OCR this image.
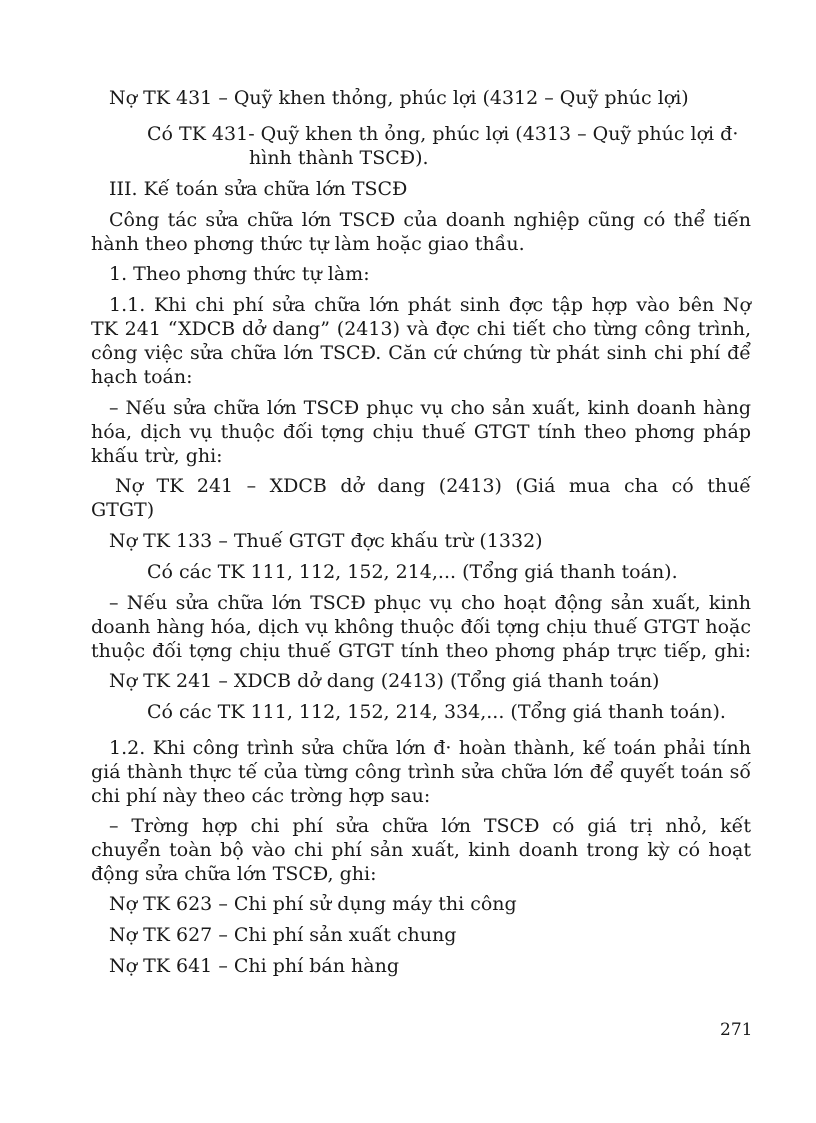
Nợ TK 431 – Quỹ khen thỏng, phúc lợi (4312 – Quỹ phúc lợi)
Có TK 431- Quỹ khen th ỏng, phúc lợi (4313 – Quỹ phúc lợi đ·
hình thành TSCĐ).
III. Kế toán sửa chữa lớn TSCĐ
Công tác sửa chữa lớn TSCĐ của doanh nghiệp cũng có thể tiến
hành theo phơng thức tự làm hoặc giao thầu.
1. Theo phơng thức tự làm:
1.1. Khi chi phí sửa chữa lớn phát sinh đợc tập hợp vào bên Nợ
TK 241 “XDCB dở dang” (2413) và đợc chi tiết cho từng công trình,
công việc sửa chữa lớn TSCĐ. Căn cứ chứng từ phát sinh chi phí để
hạch toán:
– Nếu sửa chữa lớn TSCĐ phục vụ cho sản xuất, kinh doanh hàng
hóa, dịch vụ thuộc đối tợng chịu thuế GTGT tính theo phơng pháp
khấu trừ, ghi:
Nợ TK 241 – XDCB dở dang (2413) (Giá mua cha có thuế
GTGT)
Nợ TK 133 – Thuế GTGT đợc khấu trừ (1332)
Có các TK 111, 112, 152, 214,... (Tổng giá thanh toán).
– Nếu sửa chữa lớn TSCĐ phục vụ cho hoạt động sản xuất, kinh
doanh hàng hóa, dịch vụ không thuộc đối tợng chịu thuế GTGT hoặc
thuộc đối tợng chịu thuế GTGT tính theo phơng pháp trực tiếp, ghi:
Nợ TK 241 – XDCB dở dang (2413) (Tổng giá thanh toán)
Có các TK 111, 112, 152, 214, 334,... (Tổng giá thanh toán).
1.2. Khi công trình sửa chữa lớn đ· hoàn thành, kế toán phải tính
giá thành thực tế của từng công trình sửa chữa lớn để quyết toán số
chi phí này theo các trờng hợp sau:
– Trờng hợp chi phí sửa chữa lớn TSCĐ có giá trị nhỏ, kết
chuyển toàn bộ vào chi phí sản xuất, kinh doanh trong kỳ có hoạt
động sửa chữa lớn TSCĐ, ghi:
Nợ TK 623 – Chi phí sử dụng máy thi công
Nợ TK 627 – Chi phí sản xuất chung
Nợ TK 641 – Chi phí bán hàng
271
